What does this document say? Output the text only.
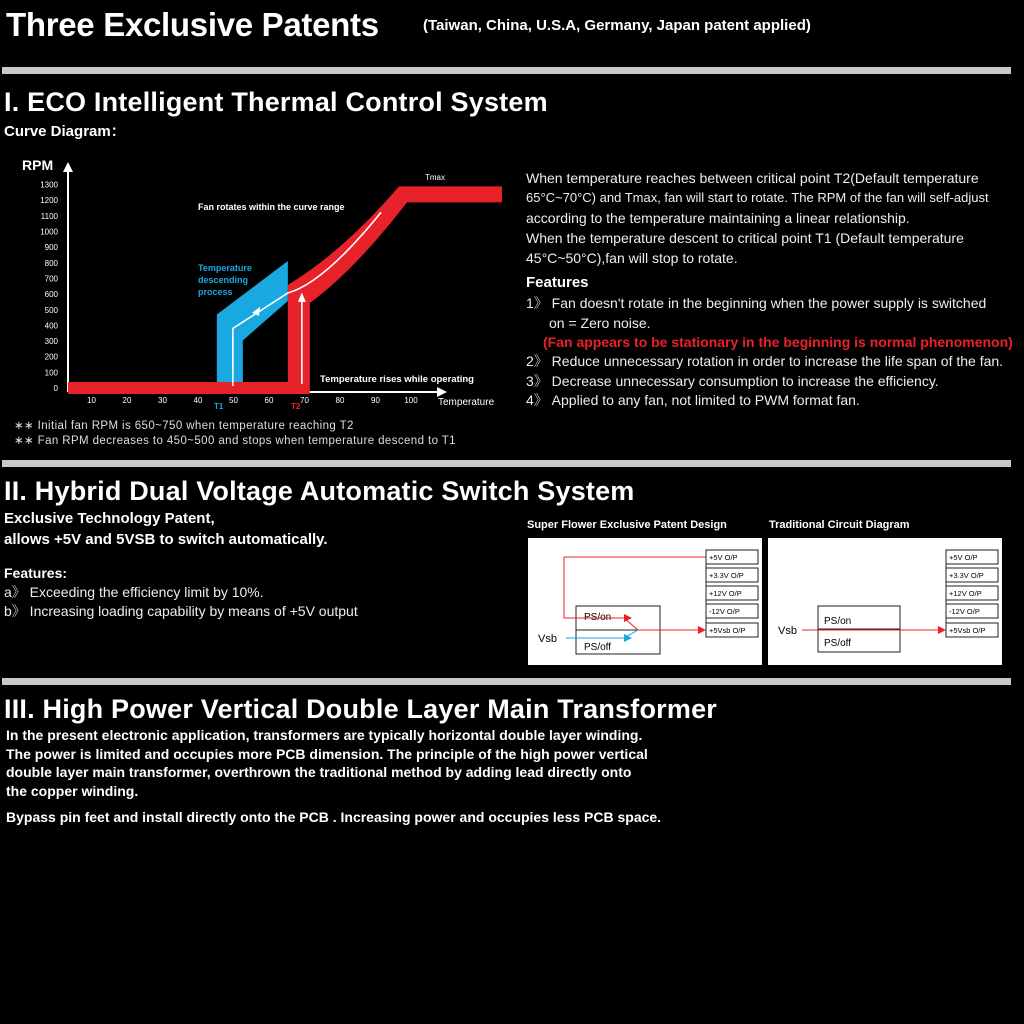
Three Exclusive Patents	(Taiwan, China, U.S.A, Germany, Japan patent applied)
I. ECO Intelligent Thermal Control System
Curve Diagram：
RPM
Temperature
0
100
200
300
400
500
600
700
800
900
1000
1100
1200
1300
10	20	30	40	50	60	70	80	90	100
Fan rotates within the curve range
Temperature
descending
process
Temperature rises while operating
Tmax
T1	T2
∗∗ Initial fan RPM is 650~750 when temperature reaching T2
∗∗ Fan RPM decreases to 450~500 and stops when temperature descend to T1
When temperature reaches between critical point T2(Default temperature
65°C~70°C) and Tmax, fan will start to rotate. The RPM of the fan will self-adjust
according to the temperature maintaining a linear relationship.
When the temperature descent to critical point T1 (Default temperature
45°C~50°C),fan will stop to rotate.
Features
1》 Fan doesn't rotate in the beginning when the power supply is switched
on = Zero noise.
(Fan appears to be stationary in the beginning is normal phenomenon)
2》 Reduce unnecessary rotation in order to increase the life span of the fan.
3》 Decrease unnecessary consumption to increase the efficiency.
4》 Applied to any fan, not limited to PWM format fan.
II. Hybrid Dual Voltage Automatic Switch System
Exclusive Technology Patent,
allows +5V and 5VSB to switch automatically.
Features:
a》 Exceeding the efficiency limit by 10%.
b》 Increasing loading capability by means of +5V output
Super Flower Exclusive Patent Design	Traditional Circuit Diagram
+5V O/P
+3.3V O/P
+12V O/P
-12V O/P
+5Vsb O/P
PS/on
PS/off
Vsb
+5V O/P
+3.3V O/P
+12V O/P
-12V O/P
+5Vsb O/P
PS/on
PS/off
Vsb
III. High Power Vertical Double Layer Main Transformer
In the present electronic application, transformers are typically horizontal double layer winding.
The power is limited and occupies more PCB dimension. The principle of the high power vertical
double layer main transformer, overthrown the traditional method by adding lead directly onto
the copper winding.
Bypass pin feet and install directly onto the PCB . Increasing power and occupies less PCB space.
